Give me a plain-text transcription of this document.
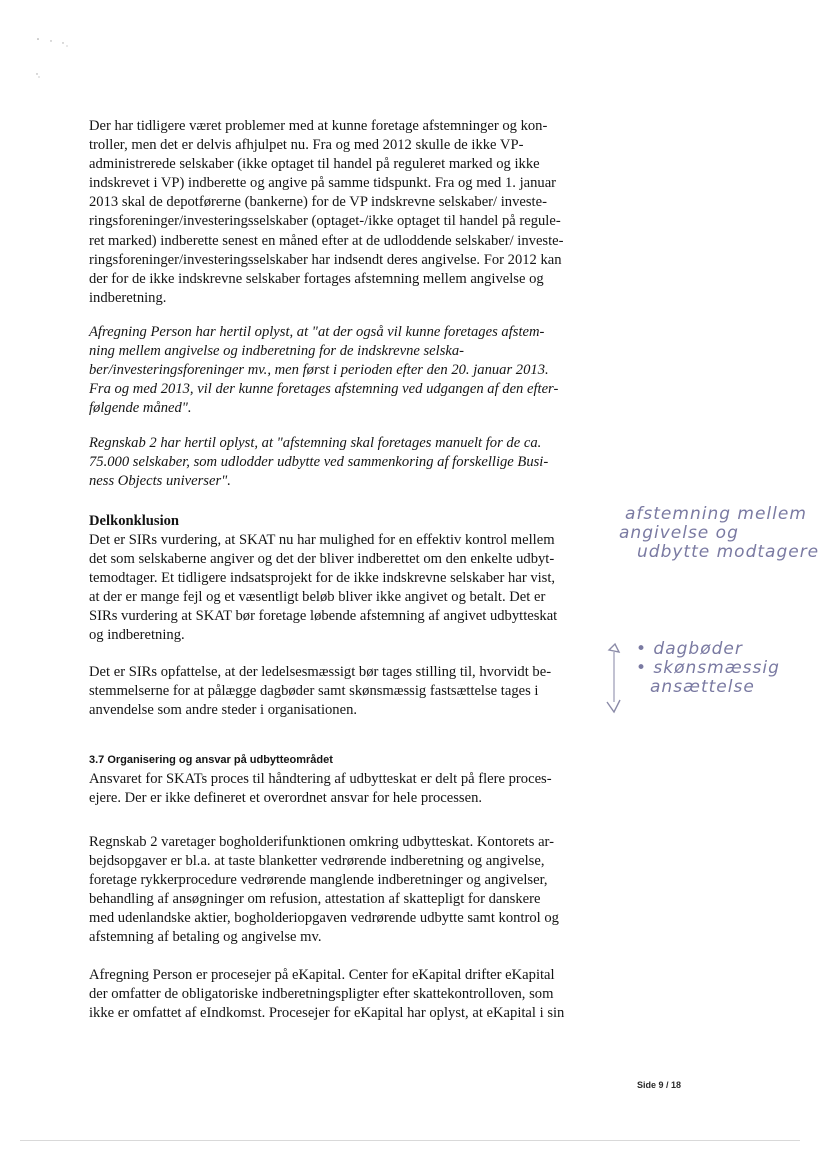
Der har tidligere været problemer med at kunne foretage afstemninger og kon-
troller, men det er delvis afhjulpet nu. Fra og med 2012 skulle de ikke VP-
administrerede selskaber (ikke optaget til handel på reguleret marked og ikke
indskrevet i VP) indberette og angive på samme tidspunkt. Fra og med 1. januar
2013 skal de depotførerne (bankerne) for de VP indskrevne selskaber/ investe-
ringsforeninger/investeringsselskaber (optaget-/ikke optaget til handel på regule-
ret marked) indberette senest en måned efter at de udloddende selskaber/ investe-
ringsforeninger/investeringsselskaber har indsendt deres angivelse. For 2012 kan
der for de ikke indskrevne selskaber fortages afstemning mellem angivelse og
indberetning.

Afregning Person har hertil oplyst, at "at der også vil kunne foretages afstem-
ning mellem angivelse og indberetning for de indskrevne selska-
ber/investeringsforeninger mv., men først i perioden efter den 20. januar 2013.
Fra og med 2013, vil der kunne foretages afstemning ved udgangen af den efter-
følgende måned".

Regnskab 2 har hertil oplyst, at "afstemning skal foretages manuelt for de ca.
75.000 selskaber, som udlodder udbytte ved sammenkoring af forskellige Busi-
ness Objects universer".

Delkonklusion

Det er SIRs vurdering, at SKAT nu har mulighed for en effektiv kontrol mellem
det som selskaberne angiver og det der bliver indberettet om den enkelte udbyt-
temodtager. Et tidligere indsatsprojekt for de ikke indskrevne selskaber har vist,
at der er mange fejl og et væsentligt beløb bliver ikke angivet og betalt. Det er
SIRs vurdering at SKAT bør foretage løbende afstemning af angivet udbytteskat
og indberetning.

Det er SIRs opfattelse, at der ledelsesmæssigt bør tages stilling til, hvorvidt be-
stemmelserne for at pålægge dagbøder samt skønsmæssig fastsættelse tages i
anvendelse som andre steder i organisationen.

3.7 Organisering og ansvar på udbytteområdet

Ansvaret for SKATs proces til håndtering af udbytteskat er delt på flere proces-
ejere. Der er ikke defineret et overordnet ansvar for hele processen.

Regnskab 2 varetager bogholderifunktionen omkring udbytteskat. Kontorets ar-
bejdsopgaver er bl.a. at taste blanketter vedrørende indberetning og angivelse,
foretage rykkerprocedure vedrørende manglende indberetninger og angivelser,
behandling af ansøgninger om refusion, attestation af skattepligt for danskere
med udenlandske aktier, bogholderiopgaven vedrørende udbytte samt kontrol og
afstemning af betaling og angivelse mv.

Afregning Person er procesejer på eKapital. Center for eKapital drifter eKapital
der omfatter de obligatoriske indberetningspligter efter skattekontrolloven, som
ikke er omfattet af eIndkomst. Procesejer for eKapital har oplyst, at eKapital i sin

afstemning mellem
angivelse og
udbytte modtagere
• dagbøder
• skønsmæssig
ansættelse
Side 9 / 18
